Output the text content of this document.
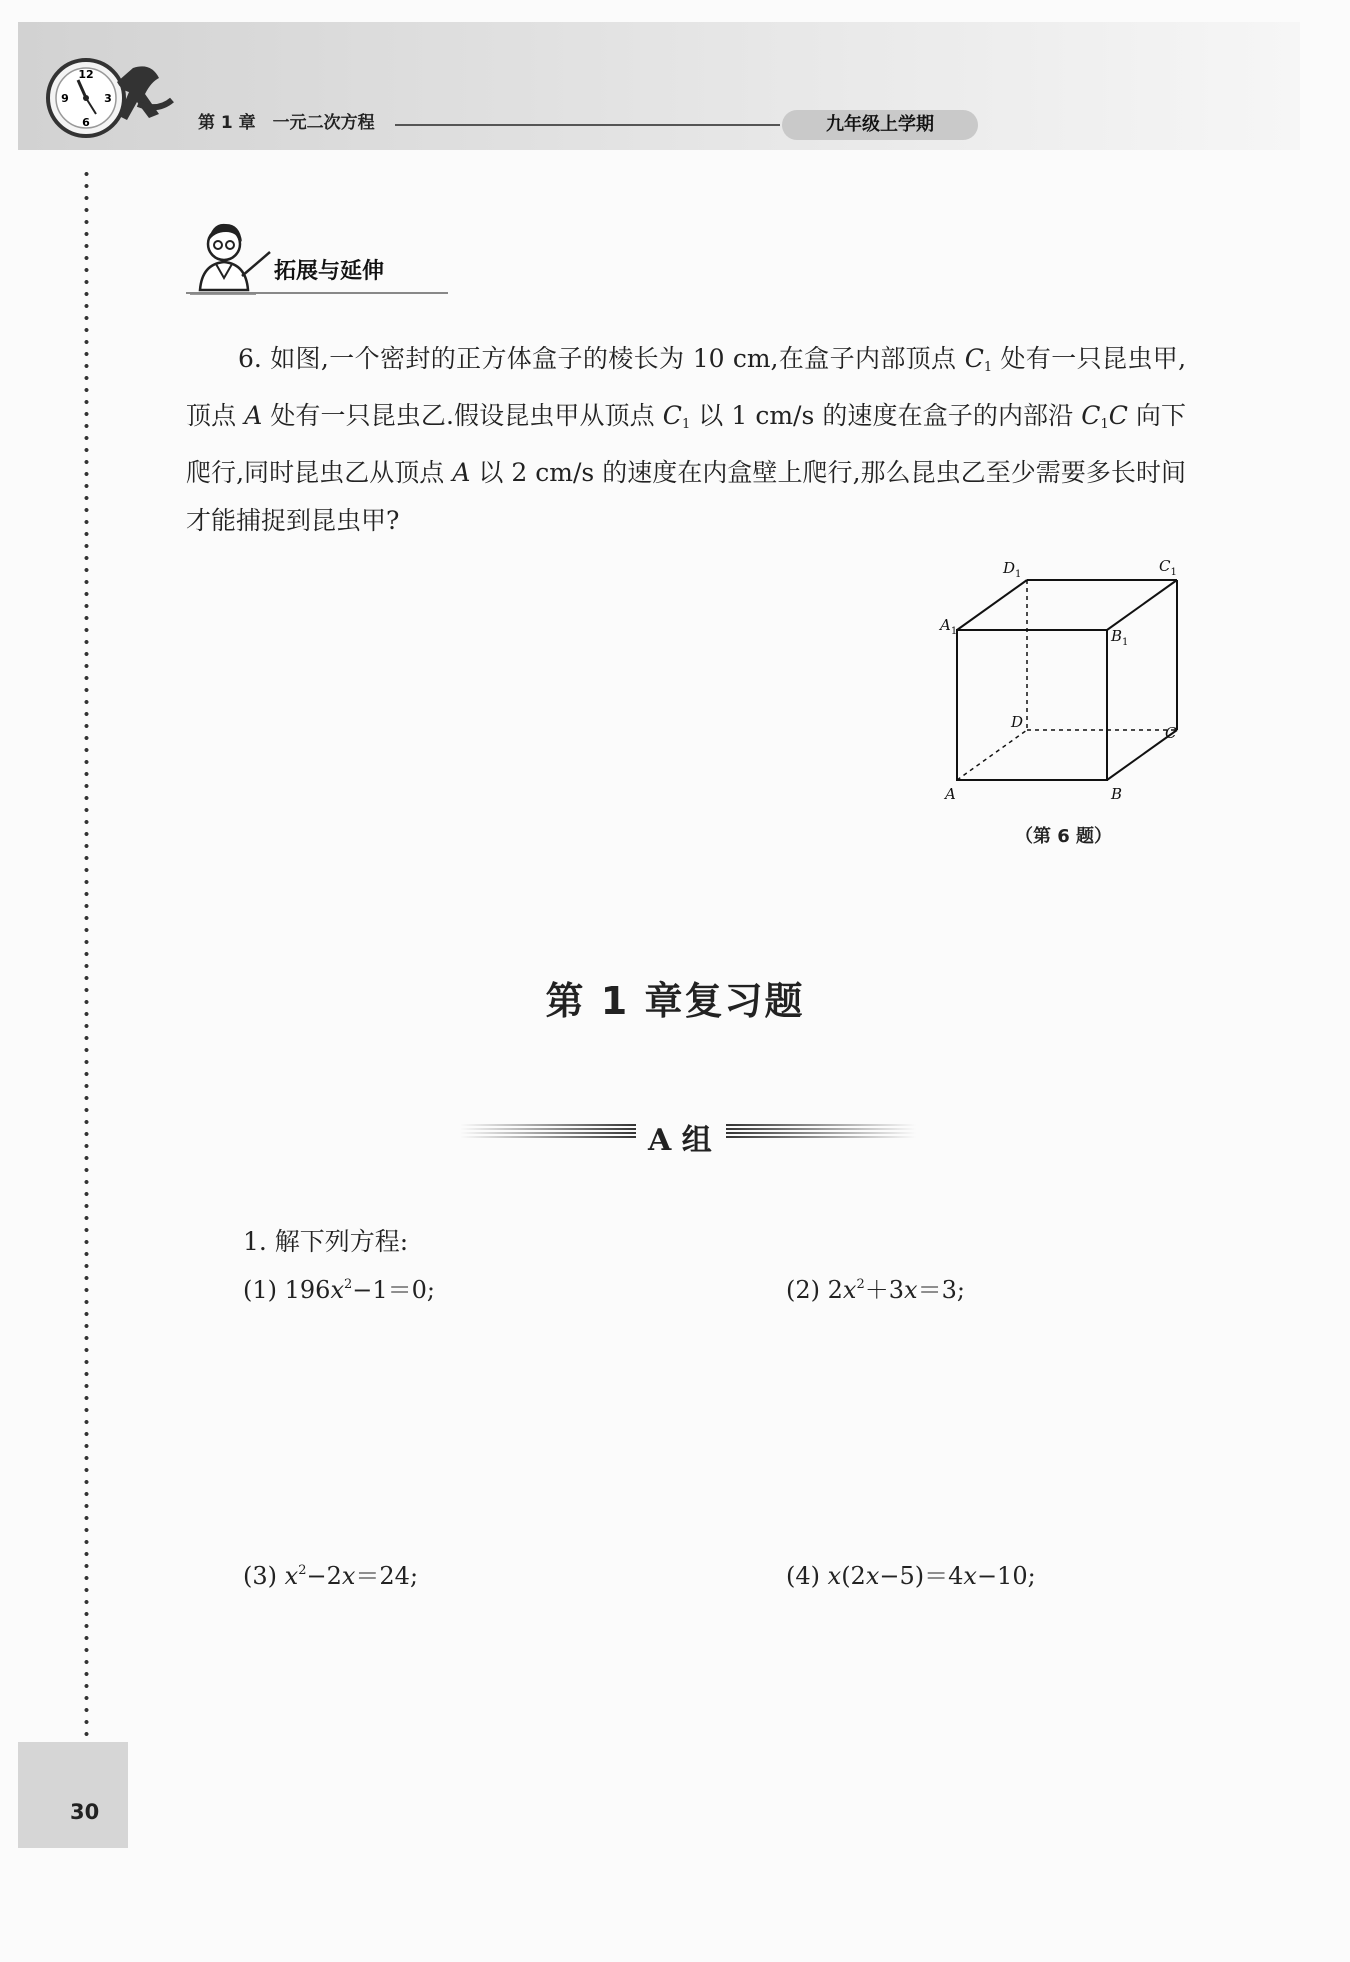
12
3
6
9
第 1 章　一元二次方程	九年级上学期
30
拓展与延伸
6. 如图,一个密封的正方体盒子的棱长为 10 cm,在盒子内部顶点 $C_1$ 处有一只昆虫甲,顶点 A 处有一只昆虫乙.假设昆虫甲从顶点 $C_1$ 以 1 cm/s 的速度在盒子的内部沿 $C_1C$ 向下爬行,同时昆虫乙从顶点 A 以 2 cm/s 的速度在内盒壁上爬行,那么昆虫乙至少需要多长时间才能捕捉到昆虫甲?
$A_1$
$D_1$	$C_1$
$B_1$
D
C
A	B
（第 6 题）
第 1 章复习题
A 组
1. 解下列方程:
(1) $196x^2-1=0$;	(2) $2x^2+3x=3$;
(3) $x^2-2x=24$;	(4) x(2x−5)＝4x−10;
